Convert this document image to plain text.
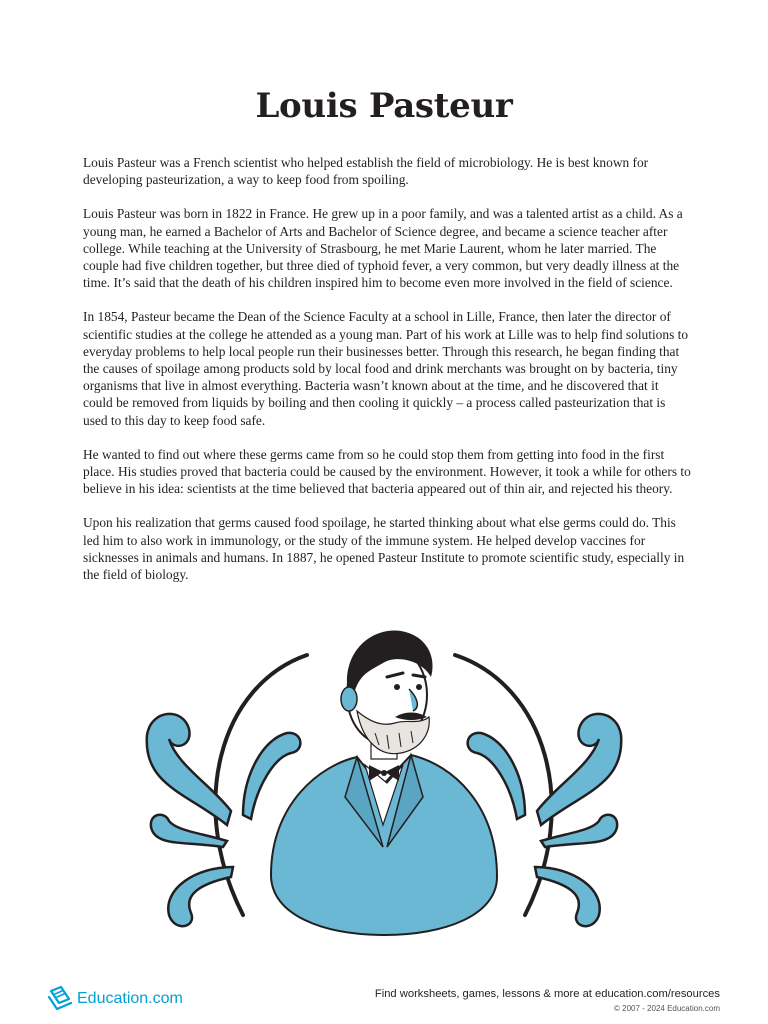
Louis Pasteur

Louis Pasteur was a French scientist who helped establish the field of microbiology. He is best known for developing pasteurization, a way to keep food from spoiling.

Louis Pasteur was born in 1822 in France. He grew up in a poor family, and was a talented artist as a child. As a young man, he earned a Bachelor of Arts and Bachelor of Science degree, and became a science teacher after college. While teaching at the University of Strasbourg, he met Marie Laurent, whom he later married. The couple had five children together, but three died of typhoid fever, a very common, but very deadly illness at the time. It’s said that the death of his children inspired him to become even more involved in the field of science.

In 1854, Pasteur became the Dean of the Science Faculty at a school in Lille, France, then later the director of scientific studies at the college he attended as a young man. Part of his work at Lille was to help find solutions to everyday problems to help local people run their businesses better. Through this research, he began finding that the causes of spoilage among products sold by local food and drink merchants was brought on by bacteria, tiny organisms that live in almost everything. Bacteria wasn’t known about at the time, and he discovered that it could be removed from liquids by boiling and then cooling it quickly – a process called pasteurization that is used to this day to keep food safe.

He wanted to find out where these germs came from so he could stop them from getting into food in the first place. His studies proved that bacteria could be caused by the environment. However, it took a while for others to believe in his idea: scientists at the time believed that bacteria appeared out of thin air, and rejected his theory.

Upon his realization that germs caused food spoilage, he started thinking about what else germs could do. This led him to also work in immunology, or the study of the immune system. He helped develop vaccines for sicknesses in animals and humans. In 1887, he opened Pasteur Institute to promote scientific study, especially in the field of biology.

Education.com	Find worksheets, games, lessons & more at education.com/resources
© 2007 - 2024 Education.com
